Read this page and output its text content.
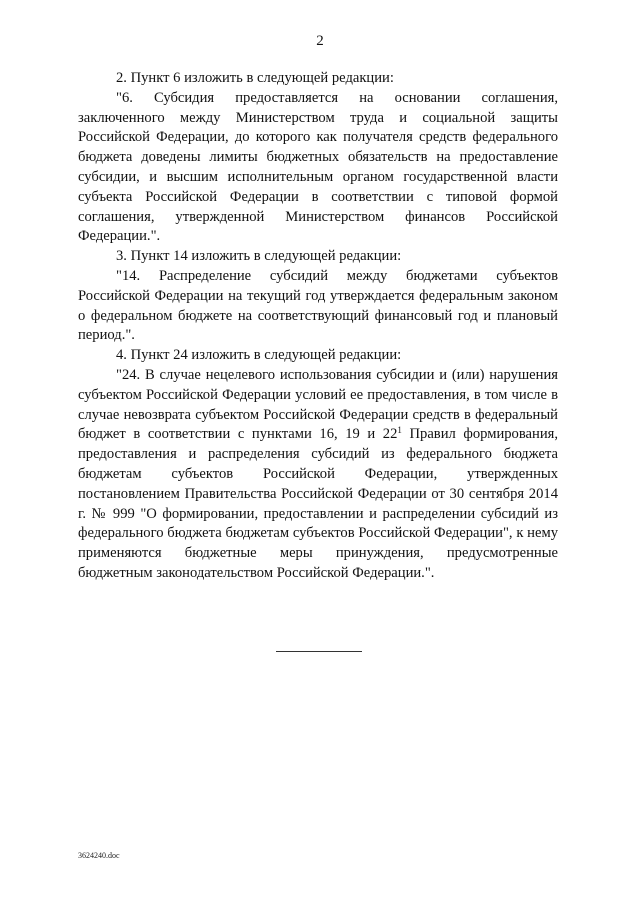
2

2. Пункт 6 изложить в следующей редакции:

"6. Субсидия предоставляется на основании соглашения, заключенного между Министерством труда и социальной защиты Российской Федерации, до которого как получателя средств федерального бюджета доведены лимиты бюджетных обязательств на предоставление субсидии, и высшим исполнительным органом государственной власти субъекта Российской Федерации в соответствии с типовой формой соглашения, утвержденной Министерством финансов Российской Федерации.".

3. Пункт 14 изложить в следующей редакции:

"14. Распределение субсидий между бюджетами субъектов Российской Федерации на текущий год утверждается федеральным законом о федеральном бюджете на соответствующий финансовый год и плановый период.".

4. Пункт 24 изложить в следующей редакции:

"24. В случае нецелевого использования субсидии и (или) нарушения субъектом Российской Федерации условий ее предоставления, в том числе в случае невозврата субъектом Российской Федерации средств в федеральный бюджет в соответствии с пунктами 16, 19 и $22^1$ Правил формирования, предоставления и распределения субсидий из федерального бюджета бюджетам субъектов Российской Федерации, утвержденных постановлением Правительства Российской Федерации от 30 сентября 2014 г. № 999 "О формировании, предоставлении и распределении субсидий из федерального бюджета бюджетам субъектов Российской Федерации", к нему применяются бюджетные меры принуждения, предусмотренные бюджетным законодательством Российской Федерации.".

3624240.doc
